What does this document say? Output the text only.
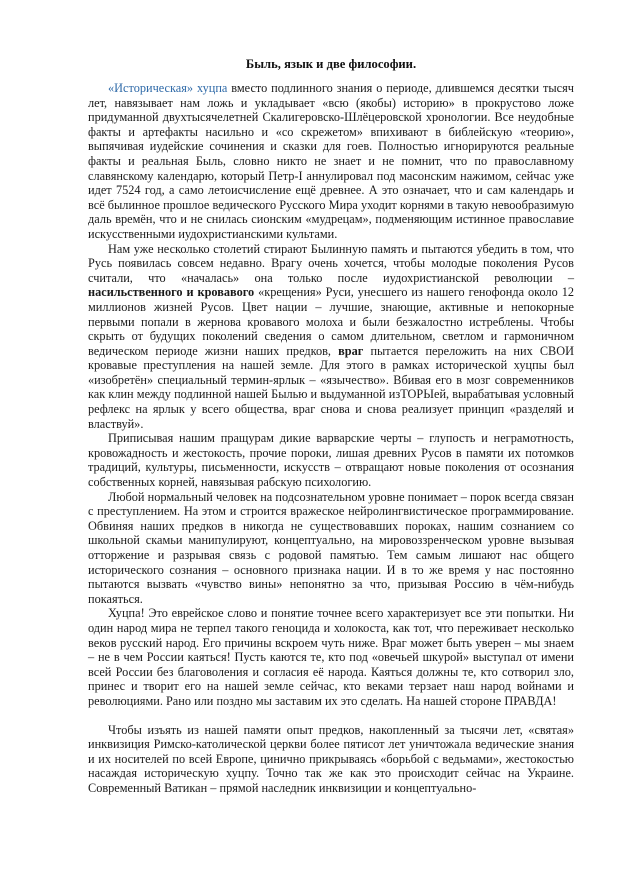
Быль, язык и две философии.

«Историческая» хуцпа вместо подлинного знания о периоде, длившемся десятки тысяч лет, навязывает нам ложь и укладывает «всю (якобы) историю» в прокрустово ложе придуманной двухтысячелетней Скалигеровско-Шлёцеровской хронологии. Все неудобные факты и артефакты насильно и «со скрежетом» впихивают в библейскую «теорию», выпячивая иудейские сочинения и сказки для гоев. Полностью игнорируются реальные факты и реальная Быль, словно никто не знает и не помнит, что по православному славянскому календарю, который Петр-I аннулировал под масонским нажимом, сейчас уже идет 7524 год, а само летоисчисление ещё древнее. А это означает, что и сам календарь и всё былинное прошлое ведического Русского Мира уходит корнями в такую невообразимую даль времён, что и не снилась сионским «мудрецам», подменяющим истинное православие искусственными иудохристианскими культами.

Нам уже несколько столетий стирают Былинную память и пытаются убедить в том, что Русь появилась совсем недавно. Врагу очень хочется, чтобы молодые поколения Русов считали, что «началась» она только после иудохристианской революции – насильственного и кровавого «крещения» Руси, унесшего из нашего генофонда около 12 миллионов жизней Русов. Цвет нации – лучшие, знающие, активные и непокорные первыми попали в жернова кровавого молоха и были безжалостно истреблены. Чтобы скрыть от будущих поколений сведения о самом длительном, светлом и гармоничном ведическом периоде жизни наших предков, враг пытается переложить на них СВОИ кровавые преступления на нашей земле. Для этого в рамках исторической хуцпы был «изобретён» специальный термин-ярлык – «язычество». Вбивая его в мозг современников как клин между подлинной нашей Былью и выдуманной изТОРЫей, вырабатывая условный рефлекс на ярлык у всего общества, враг снова и снова реализует принцип «разделяй и властвуй».

Приписывая нашим пращурам дикие варварские черты – глупость и неграмотность, кровожадность и жестокость, прочие пороки, лишая древних Русов в памяти их потомков традиций, культуры, письменности, искусств – отвращают новые поколения от осознания собственных корней, навязывая рабскую психологию.

Любой нормальный человек на подсознательном уровне понимает – порок всегда связан с преступлением. На этом и строится вражеское нейролингвистическое программирование. Обвиняя наших предков в никогда не существовавших пороках, нашим сознанием со школьной скамьи манипулируют, концептуально, на мировоззренческом уровне вызывая отторжение и разрывая связь с родовой памятью. Тем самым лишают нас общего исторического сознания – основного признака нации. И в то же время у нас постоянно пытаются вызвать «чувство вины» непонятно за что, призывая Россию в чём-нибудь покаяться.

Хуцпа! Это еврейское слово и понятие точнее всего характеризует все эти попытки. Ни один народ мира не терпел такого геноцида и холокоста, как тот, что переживает несколько веков русский народ. Его причины вскроем чуть ниже. Враг может быть уверен – мы знаем – не в чем России каяться! Пусть каются те, кто под «овечьей шкурой» выступал от имени всей России без благоволения и согласия её народа. Каяться должны те, кто сотворил зло, принес и творит его на нашей земле сейчас, кто веками терзает наш народ войнами и революциями. Рано или поздно мы заставим их это сделать. На нашей стороне ПРАВДА!

Чтобы изъять из нашей памяти опыт предков, накопленный за тысячи лет, «святая» инквизиция Римско-католической церкви более пятисот лет уничтожала ведические знания и их носителей по всей Европе, цинично прикрываясь «борьбой с ведьмами», жестокостью насаждая историческую хуцпу. Точно так же как это происходит сейчас на Украине. Современный Ватикан – прямой наследник инквизиции и концептуально-
